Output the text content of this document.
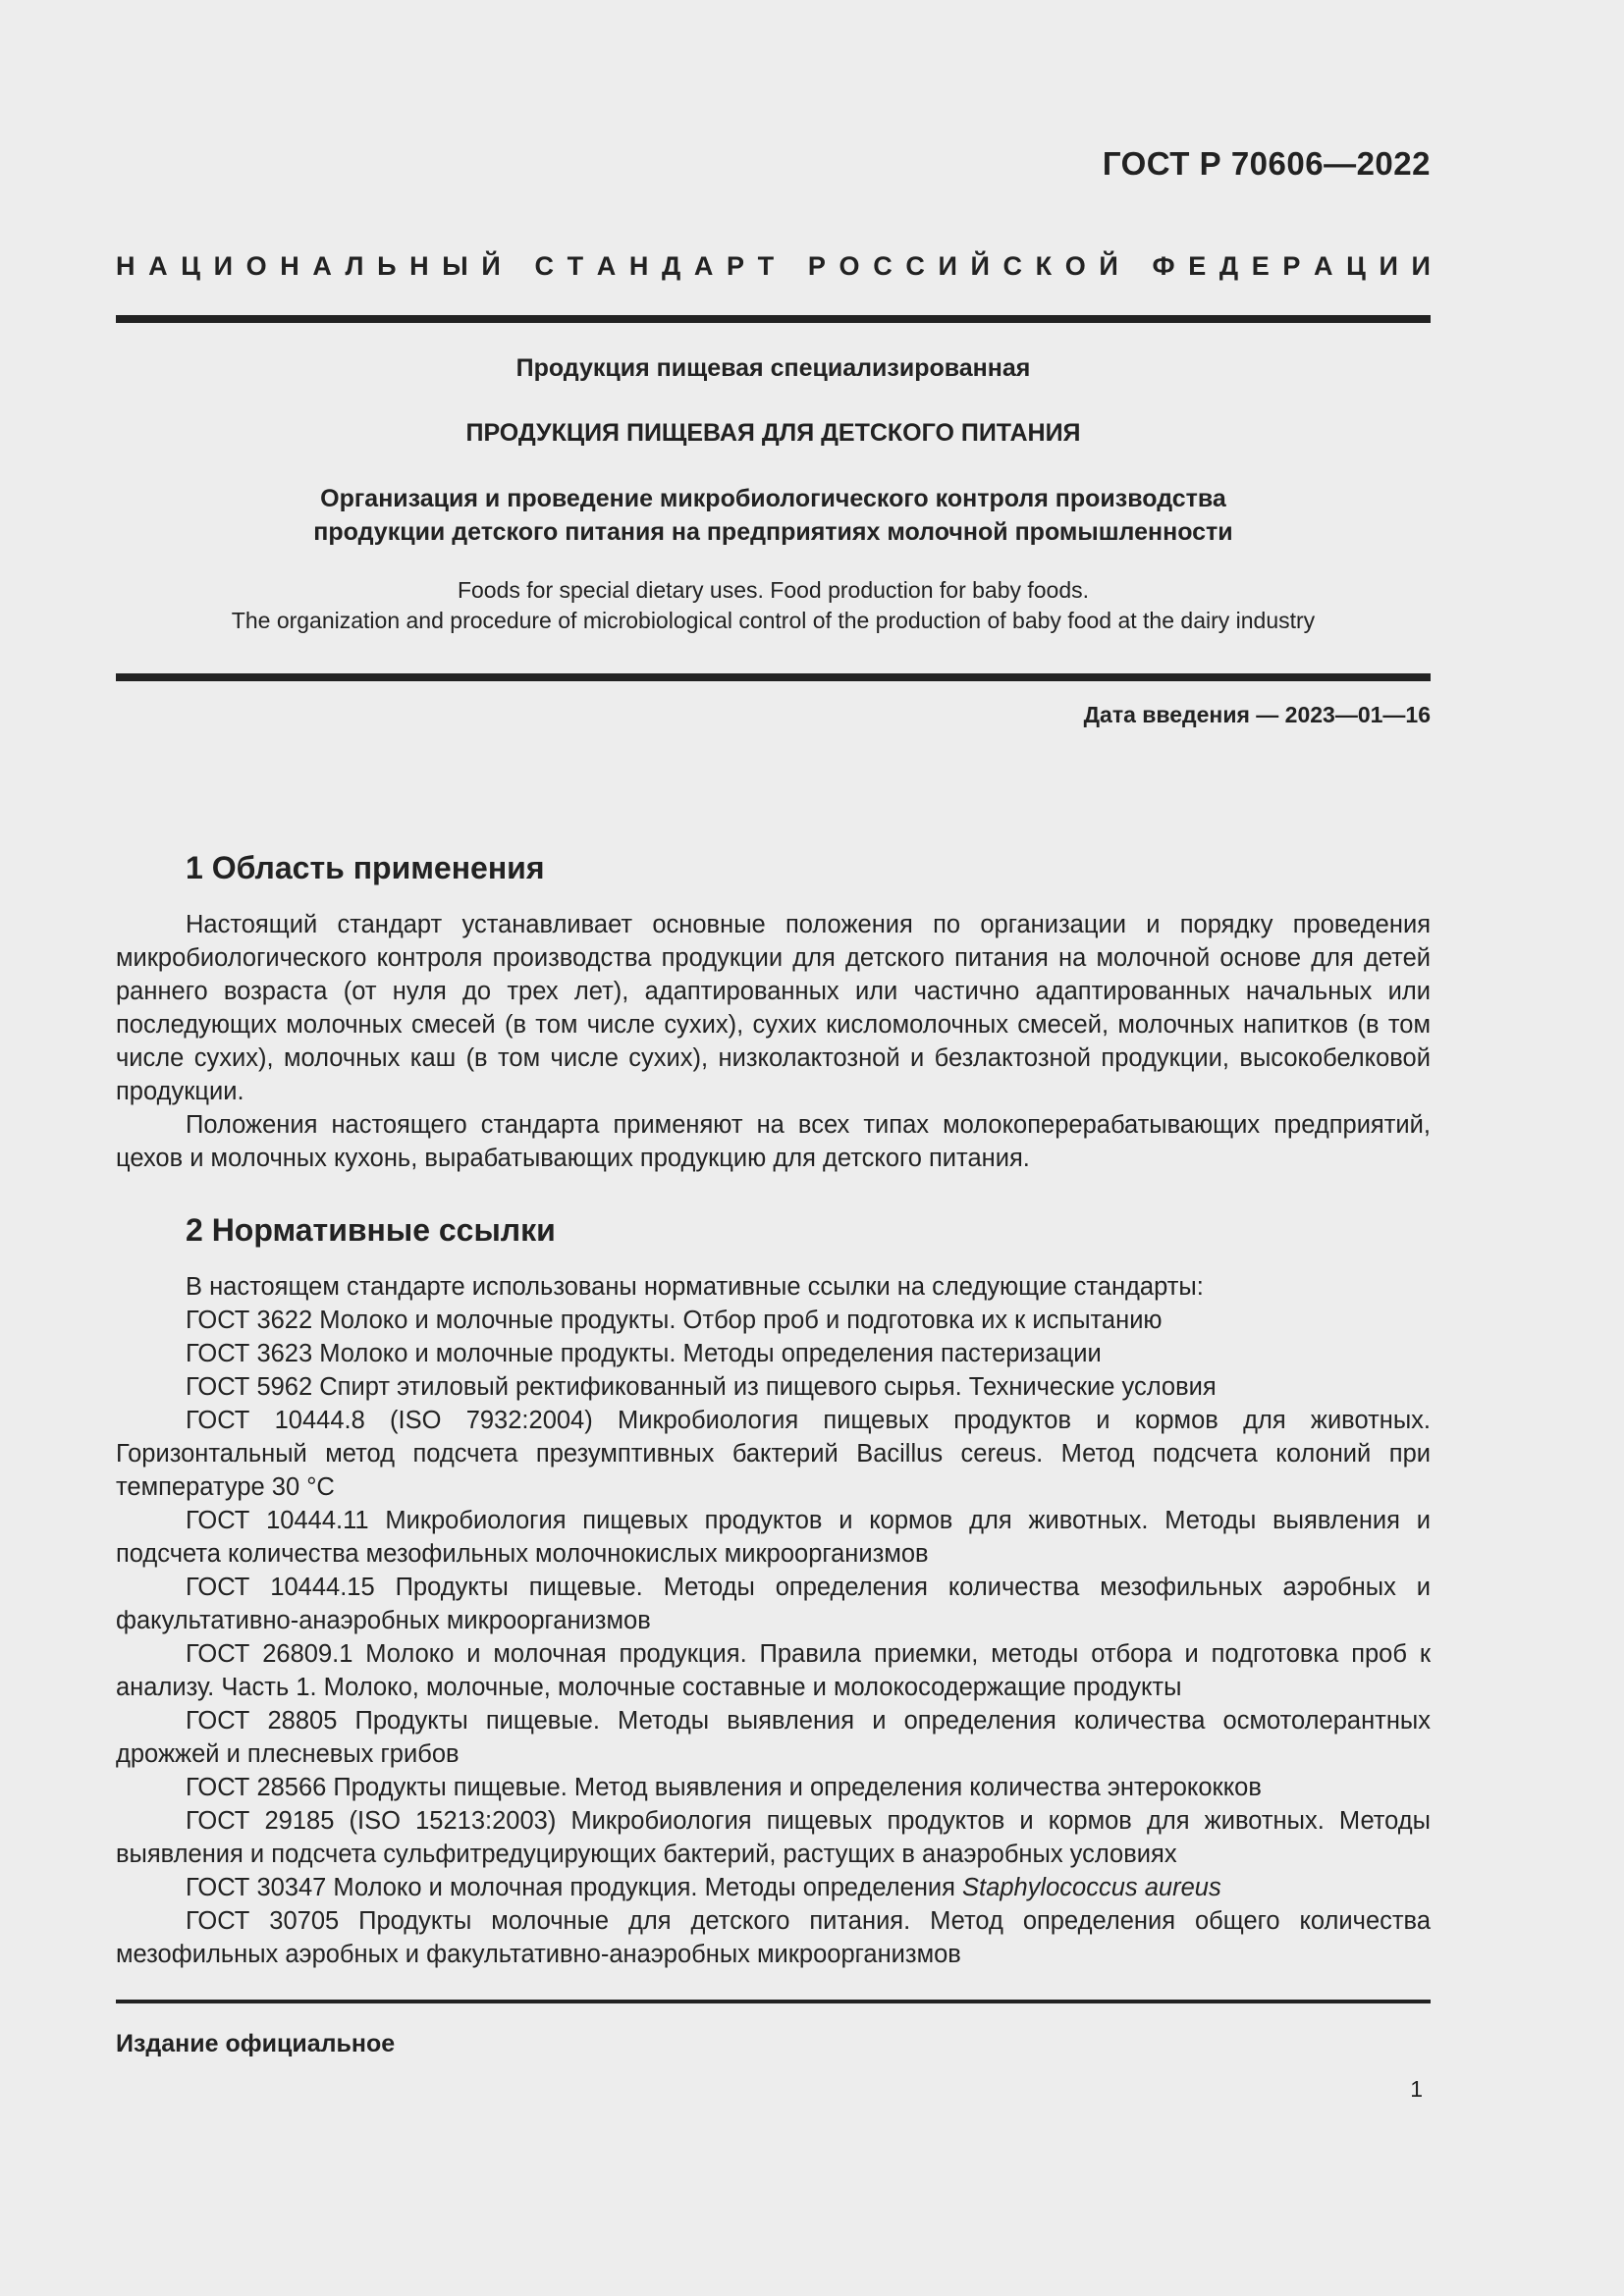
ГОСТ Р 70606—2022
Н А Ц И О Н А Л Ь Н Ы Й
С Т А Н Д А Р Т
Р О С С И Й С К О Й
Ф Е Д Е Р А Ц И И
Продукция пищевая специализированная
ПРОДУКЦИЯ ПИЩЕВАЯ ДЛЯ ДЕТСКОГО ПИТАНИЯ
Организация и проведение микробиологического контроля производства
продукции детского питания на предприятиях молочной промышленности
Foods for special dietary uses. Food production for baby foods.
The organization and procedure of microbiological control of the production of baby food at the dairy industry
Дата введения — 2023—01—16
1 Область применения

Настоящий стандарт устанавливает основные положения по организации и порядку проведения микробиологического контроля производства продукции для детского питания на молочной основе для детей раннего возраста (от нуля до трех лет), адаптированных или частично адаптированных начальных или последующих молочных смесей (в том числе сухих), сухих кисломолочных смесей, молочных напитков (в том числе сухих), молочных каш (в том числе сухих), низколактозной и безлактозной продукции, высокобелковой продукции.

Положения настоящего стандарта применяют на всех типах молокоперерабатывающих предприятий, цехов и молочных кухонь, вырабатывающих продукцию для детского питания.

2 Нормативные ссылки

В настоящем стандарте использованы нормативные ссылки на следующие стандарты:

ГОСТ 3622 Молоко и молочные продукты. Отбор проб и подготовка их к испытанию

ГОСТ 3623 Молоко и молочные продукты. Методы определения пастеризации

ГОСТ 5962 Спирт этиловый ректификованный из пищевого сырья. Технические условия

ГОСТ 10444.8 (ISO 7932:2004) Микробиология пищевых продуктов и кормов для животных. Горизонтальный метод подсчета презумптивных бактерий Bacillus cereus. Метод подсчета колоний при температуре 30 °С

ГОСТ 10444.11 Микробиология пищевых продуктов и кормов для животных. Методы выявления и подсчета количества мезофильных молочнокислых микроорганизмов

ГОСТ 10444.15 Продукты пищевые. Методы определения количества мезофильных аэробных и факультативно-анаэробных микроорганизмов

ГОСТ 26809.1 Молоко и молочная продукция. Правила приемки, методы отбора и подготовка проб к анализу. Часть 1. Молоко, молочные, молочные составные и молокосодержащие продукты

ГОСТ 28805 Продукты пищевые. Методы выявления и определения количества осмотолерантных дрожжей и плесневых грибов

ГОСТ 28566 Продукты пищевые. Метод выявления и определения количества энтерококков

ГОСТ 29185 (ISO 15213:2003) Микробиология пищевых продуктов и кормов для животных. Методы выявления и подсчета сульфитредуцирующих бактерий, растущих в анаэробных условиях

ГОСТ 30347 Молоко и молочная продукция. Методы определения Staphylococcus aureus

ГОСТ 30705 Продукты молочные для детского питания. Метод определения общего количества мезофильных аэробных и факультативно-анаэробных микроорганизмов

Издание официальное
1
